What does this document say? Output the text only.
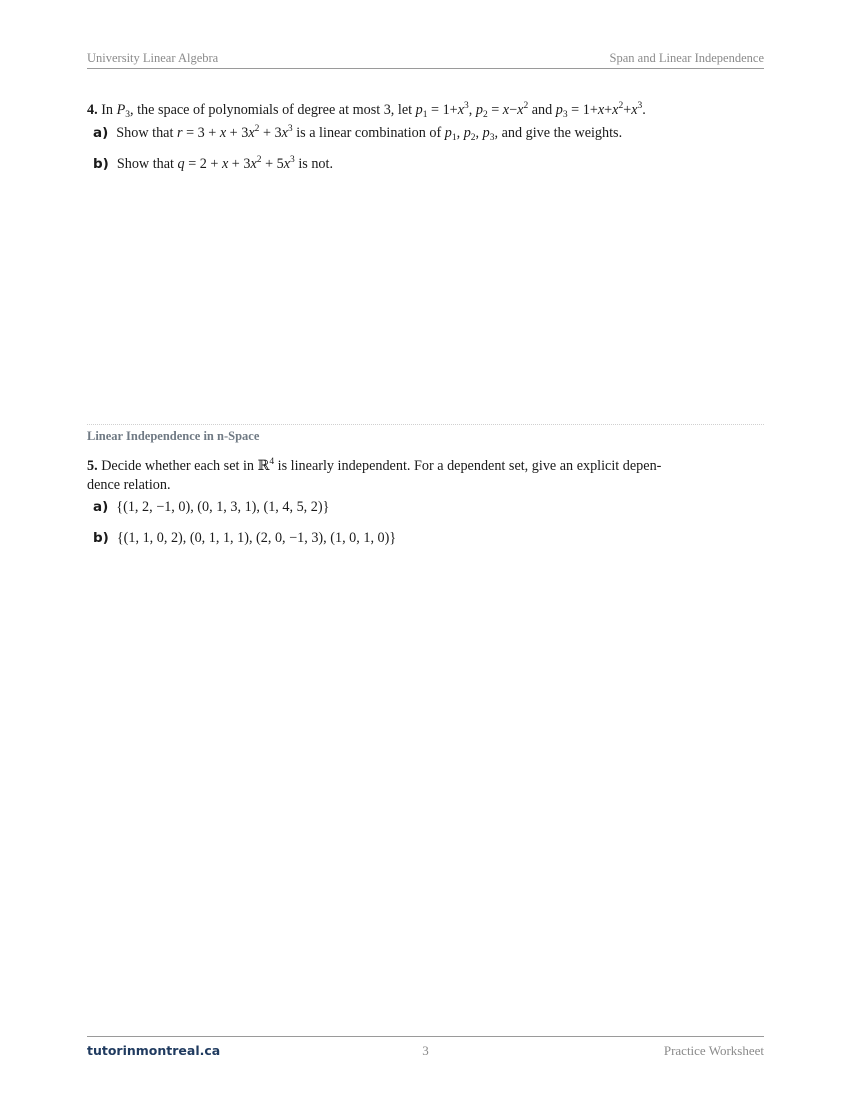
University Linear Algebra	Span and Linear Independence
4. In $P_3$, the space of polynomials of degree at most 3, let $p_1 = 1+x^3$, $p_2 = x-x^2$ and $p_3 = 1+x+x^2+x^3$.
a) Show that $r = 3 + x + 3x^2 + 3x^3$ is a linear combination of $p_1$, $p_2$, $p_3$, and give the weights.
b) Show that $q = 2 + x + 3x^2 + 5x^3$ is not.
Linear Independence in n-Space
5. Decide whether each set in ℝ$^4$ is linearly independent. For a dependent set, give an explicit depen-
dence relation.
a) {(1, 2, −1, 0), (0, 1, 3, 1), (1, 4, 5, 2)}
b) {(1, 1, 0, 2), (0, 1, 1, 1), (2, 0, −1, 3), (1, 0, 1, 0)}
tutorinmontreal.ca	3	Practice Worksheet
